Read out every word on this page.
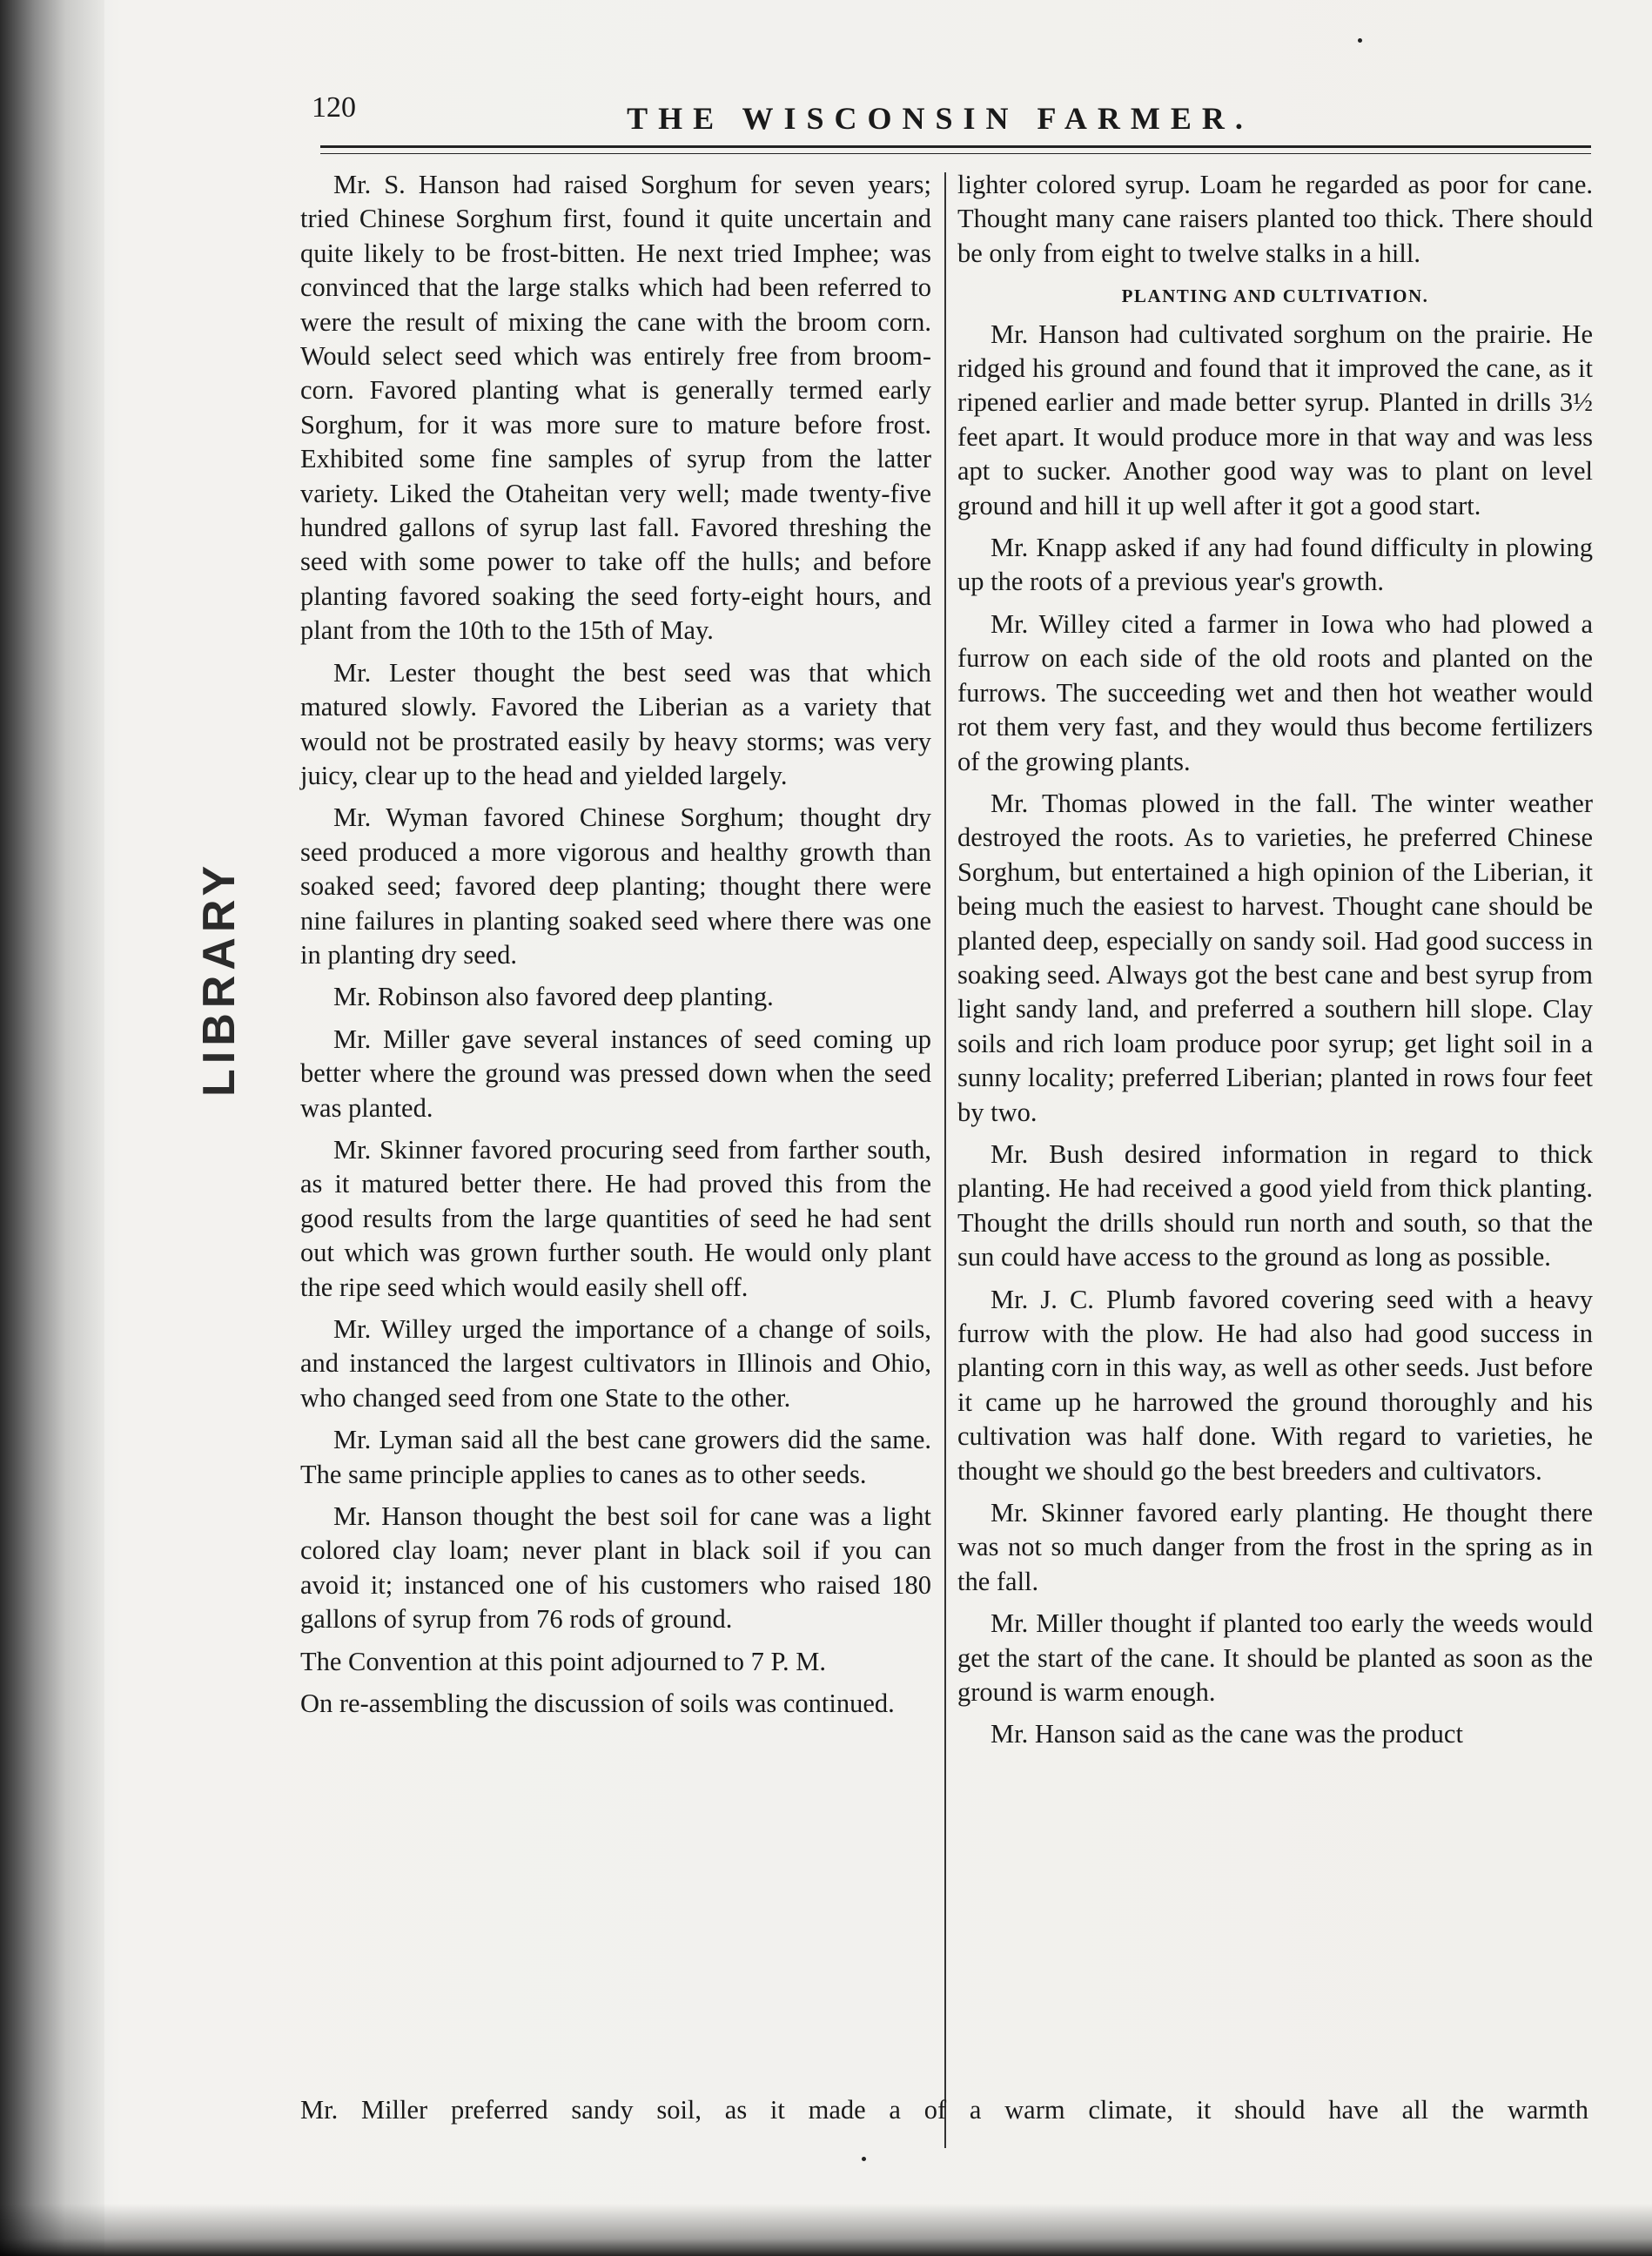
LIBRARY
120	THE WISCONSIN FARMER.

Mr. S. Hanson had raised Sorghum for seven years; tried Chinese Sorghum first, found it quite uncertain and quite likely to be frost-bitten. He next tried Imphee; was convinced that the large stalks which had been referred to were the result of mixing the cane with the broom corn. Would select seed which was entirely free from broom-corn. Favored planting what is generally termed early Sorghum, for it was more sure to mature before frost. Exhibited some fine samples of syrup from the latter variety. Liked the Otaheitan very well; made twenty-five hundred gallons of syrup last fall. Favored threshing the seed with some power to take off the hulls; and before planting favored soaking the seed forty-eight hours, and plant from the 10th to the 15th of May.

Mr. Lester thought the best seed was that which matured slowly. Favored the Liberian as a variety that would not be prostrated easily by heavy storms; was very juicy, clear up to the head and yielded largely.

Mr. Wyman favored Chinese Sorghum; thought dry seed produced a more vigorous and healthy growth than soaked seed; favored deep planting; thought there were nine failures in planting soaked seed where there was one in planting dry seed.

Mr. Robinson also favored deep planting.

Mr. Miller gave several instances of seed coming up better where the ground was pressed down when the seed was planted.

Mr. Skinner favored procuring seed from farther south, as it matured better there. He had proved this from the good results from the large quantities of seed he had sent out which was grown further south. He would only plant the ripe seed which would easily shell off.

Mr. Willey urged the importance of a change of soils, and instanced the largest cultivators in Illinois and Ohio, who changed seed from one State to the other.

Mr. Lyman said all the best cane growers did the same. The same principle applies to canes as to other seeds.

Mr. Hanson thought the best soil for cane was a light colored clay loam; never plant in black soil if you can avoid it; instanced one of his customers who raised 180 gallons of syrup from 76 rods of ground.

The Convention at this point adjourned to 7 P. M.

On re-assembling the discussion of soils was continued.

lighter colored syrup. Loam he regarded as poor for cane. Thought many cane raisers planted too thick. There should be only from eight to twelve stalks in a hill.

PLANTING AND CULTIVATION.

Mr. Hanson had cultivated sorghum on the prairie. He ridged his ground and found that it improved the cane, as it ripened earlier and made better syrup. Planted in drills 3½ feet apart. It would produce more in that way and was less apt to sucker. Another good way was to plant on level ground and hill it up well after it got a good start.

Mr. Knapp asked if any had found difficulty in plowing up the roots of a previous year's growth.

Mr. Willey cited a farmer in Iowa who had plowed a furrow on each side of the old roots and planted on the furrows. The succeeding wet and then hot weather would rot them very fast, and they would thus become fertilizers of the growing plants.

Mr. Thomas plowed in the fall. The winter weather destroyed the roots. As to varieties, he preferred Chinese Sorghum, but entertained a high opinion of the Liberian, it being much the easiest to harvest. Thought cane should be planted deep, especially on sandy soil. Had good success in soaking seed. Always got the best cane and best syrup from light sandy land, and preferred a southern hill slope. Clay soils and rich loam produce poor syrup; get light soil in a sunny locality; preferred Liberian; planted in rows four feet by two.

Mr. Bush desired information in regard to thick planting. He had received a good yield from thick planting. Thought the drills should run north and south, so that the sun could have access to the ground as long as possible.

Mr. J. C. Plumb favored covering seed with a heavy furrow with the plow. He had also had good success in planting corn in this way, as well as other seeds. Just before it came up he harrowed the ground thoroughly and his cultivation was half done. With regard to varieties, he thought we should go the best breeders and cultivators.

Mr. Skinner favored early planting. He thought there was not so much danger from the frost in the spring as in the fall.

Mr. Miller thought if planted too early the weeds would get the start of the cane. It should be planted as soon as the ground is warm enough.

Mr. Hanson said as the cane was the product

Mr. Miller preferred sandy soil, as it made a of a warm climate, it should have all the warmth
